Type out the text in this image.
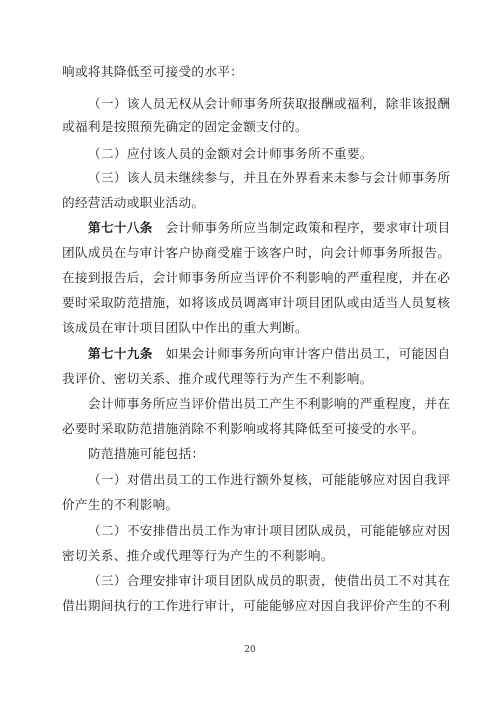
响或将其降低至可接受的水平：
（一）该人员无权从会计师事务所获取报酬或福利，除非该报酬
或福利是按照预先确定的固定金额支付的。
（二）应付该人员的金额对会计师事务所不重要。
（三）该人员未继续参与，并且在外界看来未参与会计师事务所
的经营活动或职业活动。
第七十八条　会计师事务所应当制定政策和程序，要求审计项目
团队成员在与审计客户协商受雇于该客户时，向会计师事务所报告。
在接到报告后，会计师事务所应当评价不利影响的严重程度，并在必
要时采取防范措施，如将该成员调离审计项目团队或由适当人员复核
该成员在审计项目团队中作出的重大判断。
第七十九条　如果会计师事务所向审计客户借出员工，可能因自
我评价、密切关系、推介或代理等行为产生不利影响。
会计师事务所应当评价借出员工产生不利影响的严重程度，并在
必要时采取防范措施消除不利影响或将其降低至可接受的水平。
防范措施可能包括：
（一）对借出员工的工作进行额外复核，可能能够应对因自我评
价产生的不利影响。
（二）不安排借出员工作为审计项目团队成员，可能能够应对因
密切关系、推介或代理等行为产生的不利影响。
（三）合理安排审计项目团队成员的职责，使借出员工不对其在
借出期间执行的工作进行审计，可能能够应对因自我评价产生的不利
20
